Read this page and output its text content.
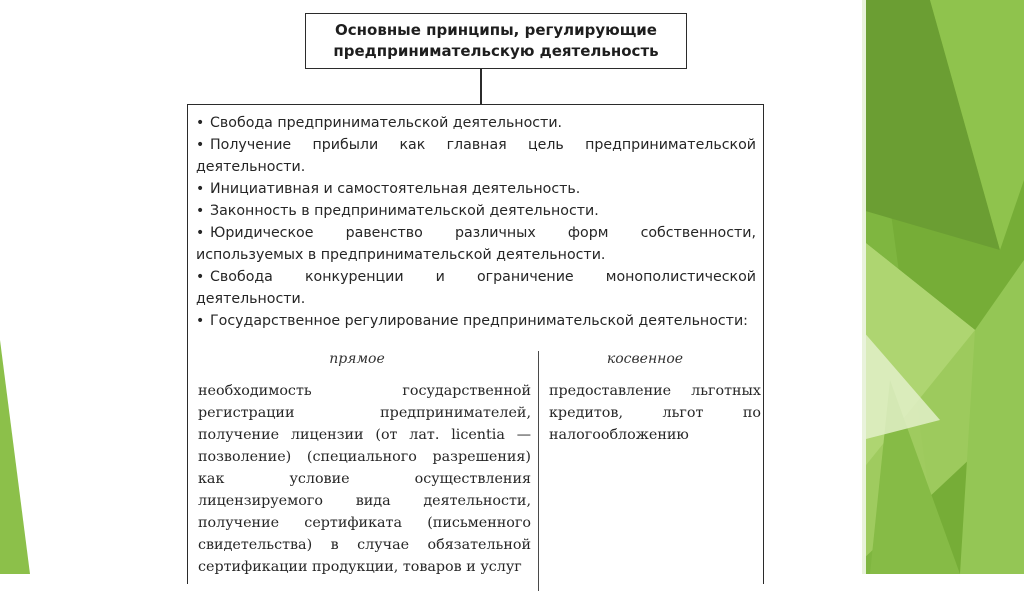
Основные принципы, регулирующие предпринимательскую деятельность
• Свобода предпринимательской деятельности.
• Получение прибыли как главная цель предпринимательской деятельности.
• Инициативная и самостоятельная деятельность.
• Законность в предпринимательской деятельности.
• Юридическое равенство различных форм собственности, используемых в предпринимательской деятельности.
• Свобода конкуренции и ограничение монополистической деятельности.
• Государственное регулирование предпринимательской деятельности:
прямое	косвенное
необходимость государственной регистрации предпринимателей, получение лицензии (от лат. licentia — позволение) (специального разрешения) как условие осуществления лицензируемого вида деятельности, получение сертификата (письменного свидетельства) в случае обязательной сертификации продукции, товаров и услуг
предоставление льготных кредитов, льгот по налогообложению
